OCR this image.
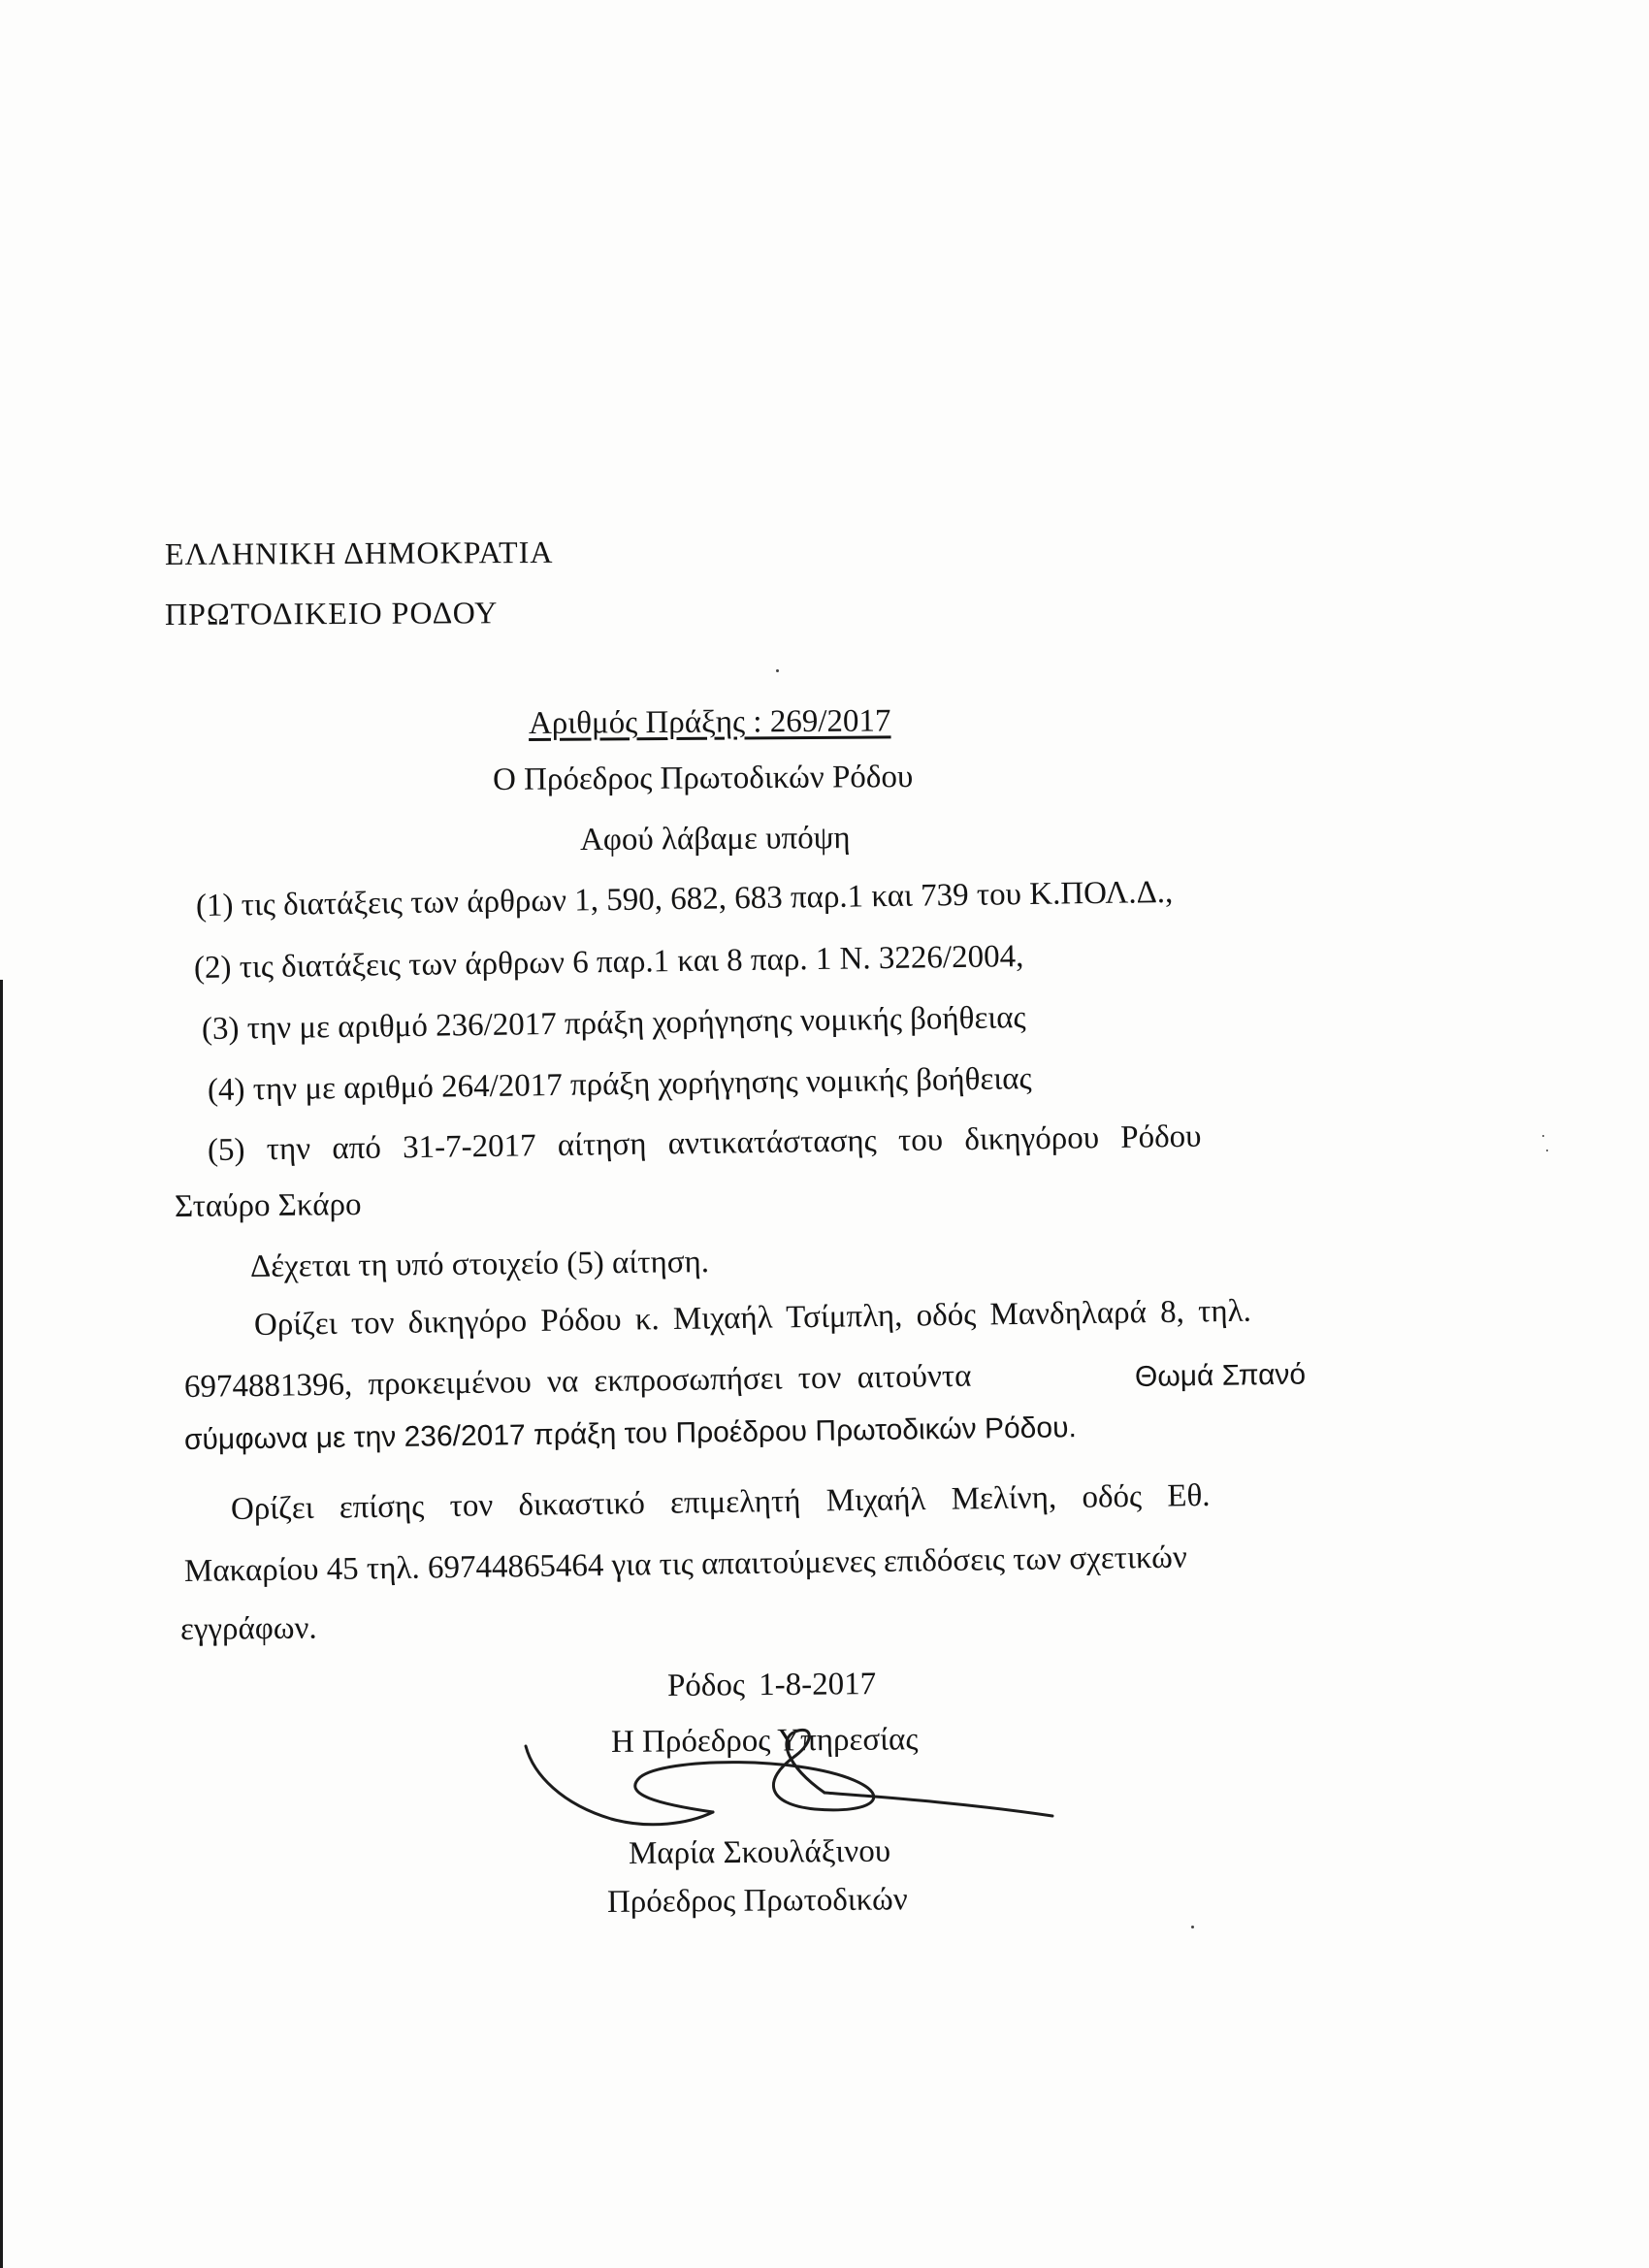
ΕΛΛΗΝΙΚΗ ΔΗΜΟΚΡΑΤΙΑ
ΠΡΩΤΟΔΙΚΕΙΟ ΡΟΔΟΥ
Αριθμός Πράξης : 269/2017
Ο Πρόεδρος Πρωτοδικών Ρόδου
Αφού λάβαμε υπόψη
(1) τις διατάξεις των άρθρων 1, 590, 682, 683 παρ.1 και 739 του Κ.ΠΟΛ.Δ.,
(2) τις διατάξεις των άρθρων 6 παρ.1 και 8 παρ. 1 Ν. 3226/2004,
(3) την με αριθμό 236/2017 πράξη χορήγησης νομικής βοήθειας
(4) την με αριθμό 264/2017 πράξη χορήγησης νομικής βοήθειας
(5) την από 31-7-2017 αίτηση αντικατάστασης του δικηγόρου Ρόδου
Σταύρο Σκάρο
Δέχεται τη υπό στοιχείο (5) αίτηση.
Ορίζει τον δικηγόρο Ρόδου κ. Μιχαήλ Τσίμπλη, οδός Μανδηλαρά 8, τηλ.
6974881396, προκειμένου να εκπροσωπήσει τον αιτούντα	Θωμά Σπανό
σύμφωνα με την 236/2017 πράξη του Προέδρου Πρωτοδικών Ρόδου.
Ορίζει επίσης τον δικαστικό επιμελητή Μιχαήλ Μελίνη, οδός Εθ.
Μακαρίου 45 τηλ. 69744865464 για τις απαιτούμενες επιδόσεις των σχετικών
εγγράφων.
Ρόδος 1-8-2017
Η Πρόεδρος Υπηρεσίας
Μαρία Σκουλάξινου
Πρόεδρος Πρωτοδικών
